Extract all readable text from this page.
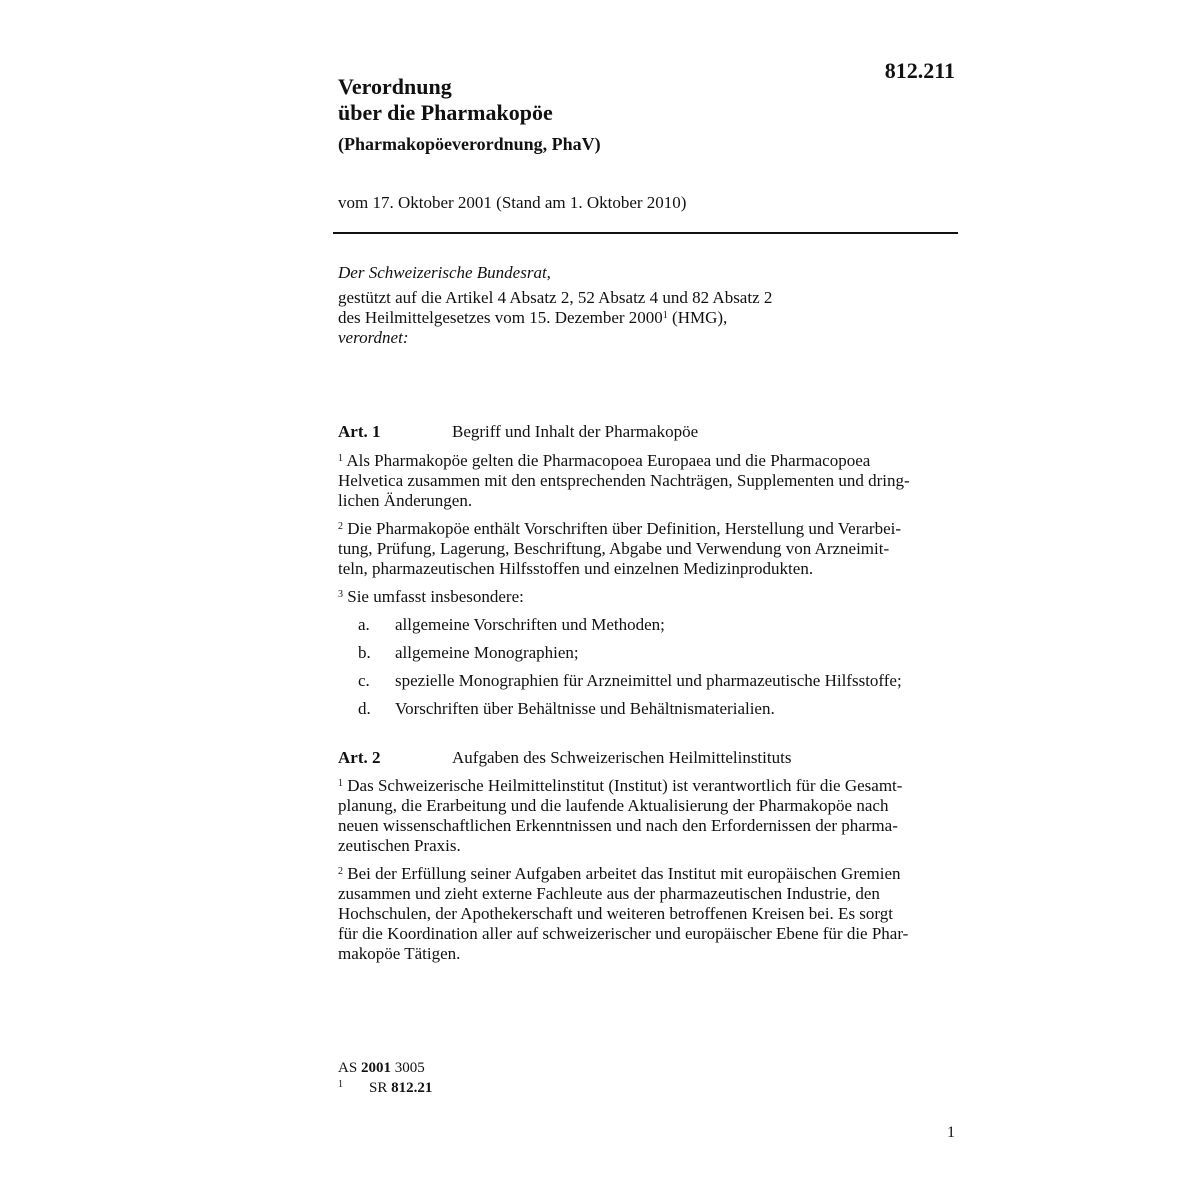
812.211
Verordnung
über die Pharmakopöe
(Pharmakopöeverordnung, PhaV)
vom 17. Oktober 2001 (Stand am 1. Oktober 2010)
Der Schweizerische Bundesrat,
gestützt auf die Artikel 4 Absatz 2, 52 Absatz 4 und 82 Absatz 2
des Heilmittelgesetzes vom 15. Dezember 2000$^1$ (HMG),
verordnet:
Art. 1	Begriff und Inhalt der Pharmakopöe
$^1$ Als Pharmakopöe gelten die Pharmacopoea Europaea und die Pharmacopoea
Helvetica zusammen mit den entsprechenden Nachträgen, Supplementen und dring-
lichen Änderungen.
$^2$ Die Pharmakopöe enthält Vorschriften über Definition, Herstellung und Verarbei-
tung, Prüfung, Lagerung, Beschriftung, Abgabe und Verwendung von Arzneimit-
teln, pharmazeutischen Hilfsstoffen und einzelnen Medizinprodukten.
$^3$ Sie umfasst insbesondere:
a.	allgemeine Vorschriften und Methoden;
b.	allgemeine Monographien;
c.	spezielle Monographien für Arzneimittel und pharmazeutische Hilfsstoffe;
d.	Vorschriften über Behältnisse und Behältnismaterialien.
Art. 2	Aufgaben des Schweizerischen Heilmittelinstituts
$^1$ Das Schweizerische Heilmittelinstitut (Institut) ist verantwortlich für die Gesamt-
planung, die Erarbeitung und die laufende Aktualisierung der Pharmakopöe nach
neuen wissenschaftlichen Erkenntnissen und nach den Erfordernissen der pharma-
zeutischen Praxis.
$^2$ Bei der Erfüllung seiner Aufgaben arbeitet das Institut mit europäischen Gremien
zusammen und zieht externe Fachleute aus der pharmazeutischen Industrie, den
Hochschulen, der Apothekerschaft und weiteren betroffenen Kreisen bei. Es sorgt
für die Koordination aller auf schweizerischer und europäischer Ebene für die Phar-
makopöe Tätigen.
AS 2001 3005
$^1$ SR 812.21
1
